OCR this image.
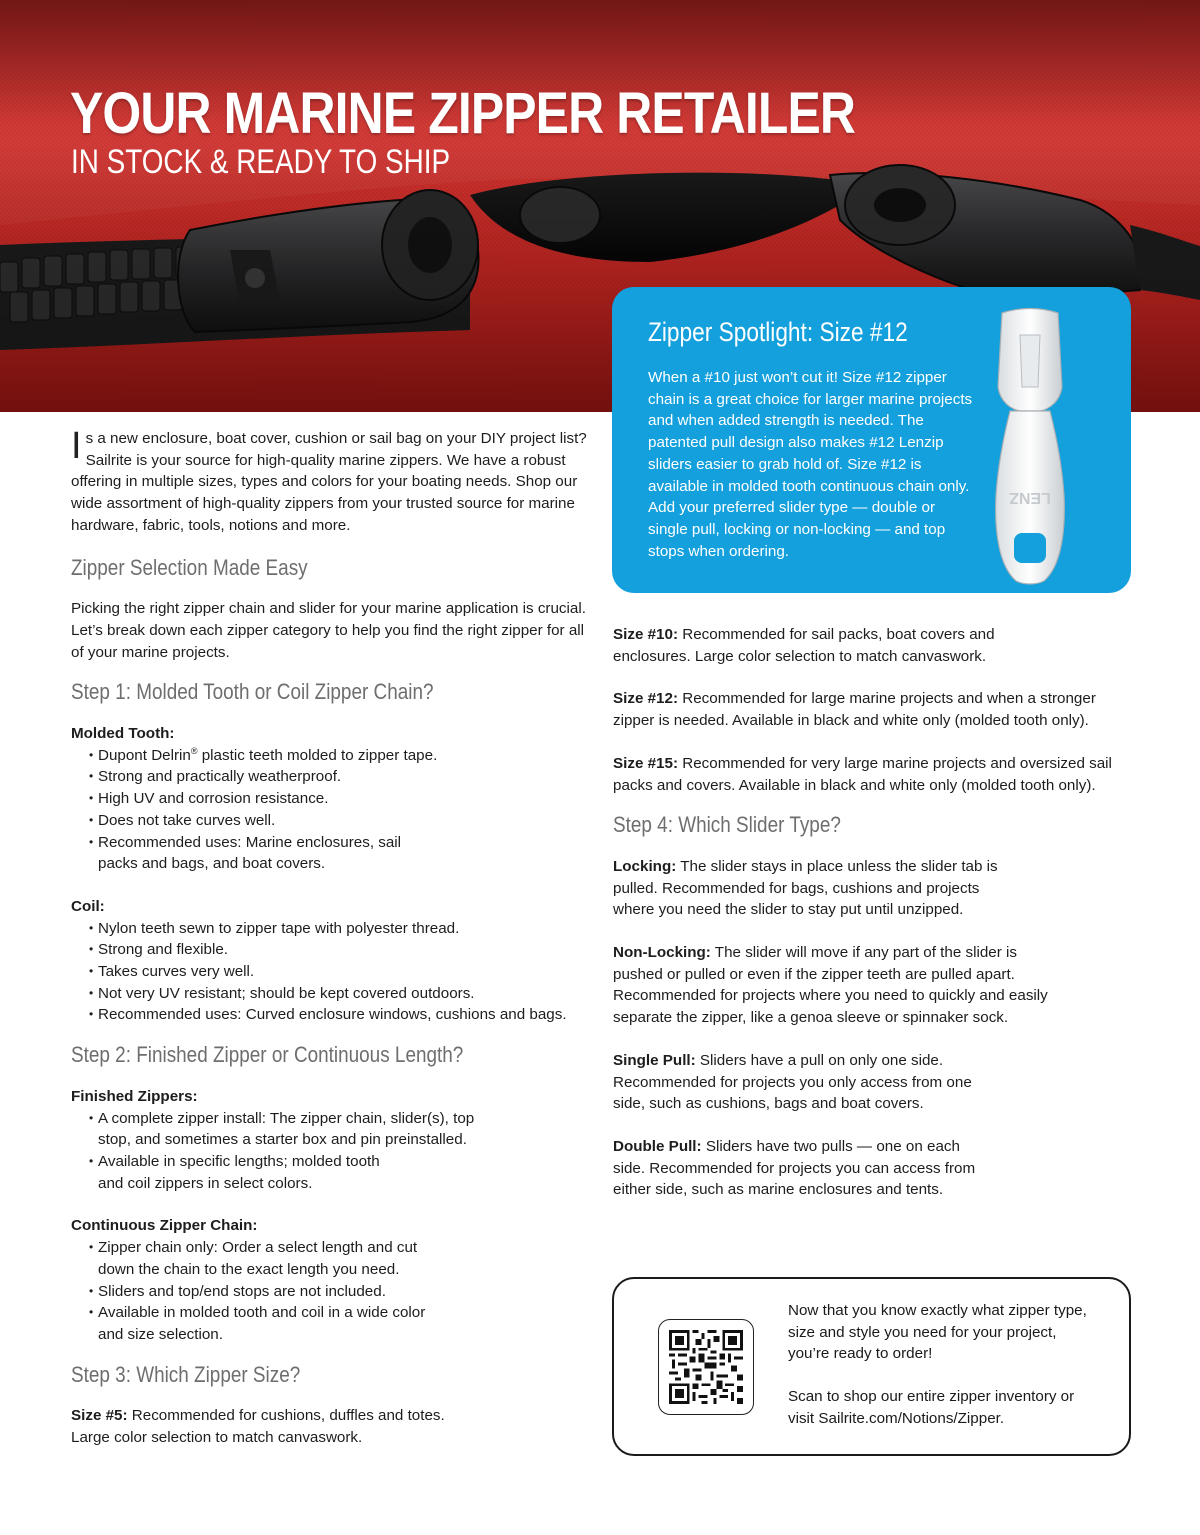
YOUR MARINE ZIPPER RETAILER
IN STOCK & READY TO SHIP
Zipper Spotlight: Size #12
When a #10 just won’t cut it! Size #12 zipper chain is a great choice for larger marine projects and when added strength is needed. The patented pull design also makes #12 Lenzip sliders easier to grab hold of. Size #12 is available in molded tooth continuous chain only. Add your preferred slider type — double or single pull, locking or non-locking — and top stops when ordering.
LENZ
Is a new enclosure, boat cover, cushion or sail bag on your DIY project list? Sailrite is your source for high-quality marine zippers. We have a robust offering in multiple sizes, types and colors for your boating needs. Shop our wide assortment of high-quality zippers from your trusted source for marine hardware, fabric, tools, notions and more.
Zipper Selection Made Easy
Picking the right zipper chain and slider for your marine application is crucial. Let’s break down each zipper category to help you find the right zipper for all of your marine projects.
Step 1: Molded Tooth or Coil Zipper Chain?
Molded Tooth:
• Dupont Delrin® plastic teeth molded to zipper tape.
• Strong and practically weatherproof.
• High UV and corrosion resistance.
• Does not take curves well.
• Recommended uses: Marine enclosures, sail packs and bags, and boat covers.
Coil:
• Nylon teeth sewn to zipper tape with polyester thread.
• Strong and flexible.
• Takes curves very well.
• Not very UV resistant; should be kept covered outdoors.
• Recommended uses: Curved enclosure windows, cushions and bags.
Step 2: Finished Zipper or Continuous Length?
Finished Zippers:
• A complete zipper install: The zipper chain, slider(s), top stop, and sometimes a starter box and pin preinstalled.
• Available in specific lengths; molded tooth and coil zippers in select colors.
Continuous Zipper Chain:
• Zipper chain only: Order a select length and cut down the chain to the exact length you need.
• Sliders and top/end stops are not included.
• Available in molded tooth and coil in a wide color and size selection.
Step 3: Which Zipper Size?
Size #5: Recommended for cushions, duffles and totes. Large color selection to match canvaswork.
Size #10: Recommended for sail packs, boat covers and enclosures. Large color selection to match canvaswork.
Size #12: Recommended for large marine projects and when a stronger zipper is needed. Available in black and white only (molded tooth only).
Size #15: Recommended for very large marine projects and oversized sail packs and covers. Available in black and white only (molded tooth only).
Step 4: Which Slider Type?
Locking: The slider stays in place unless the slider tab is pulled. Recommended for bags, cushions and projects where you need the slider to stay put until unzipped.
Non-Locking: The slider will move if any part of the slider is pushed or pulled or even if the zipper teeth are pulled apart. Recommended for projects where you need to quickly and easily separate the zipper, like a genoa sleeve or spinnaker sock.
Single Pull: Sliders have a pull on only one side. Recommended for projects you only access from one side, such as cushions, bags and boat covers.
Double Pull: Sliders have two pulls — one on each side. Recommended for projects you can access from either side, such as marine enclosures and tents.
Now that you know exactly what zipper type, size and style you need for your project, you’re ready to order!
Scan to shop our entire zipper inventory or visit Sailrite.com/Notions/Zipper.
